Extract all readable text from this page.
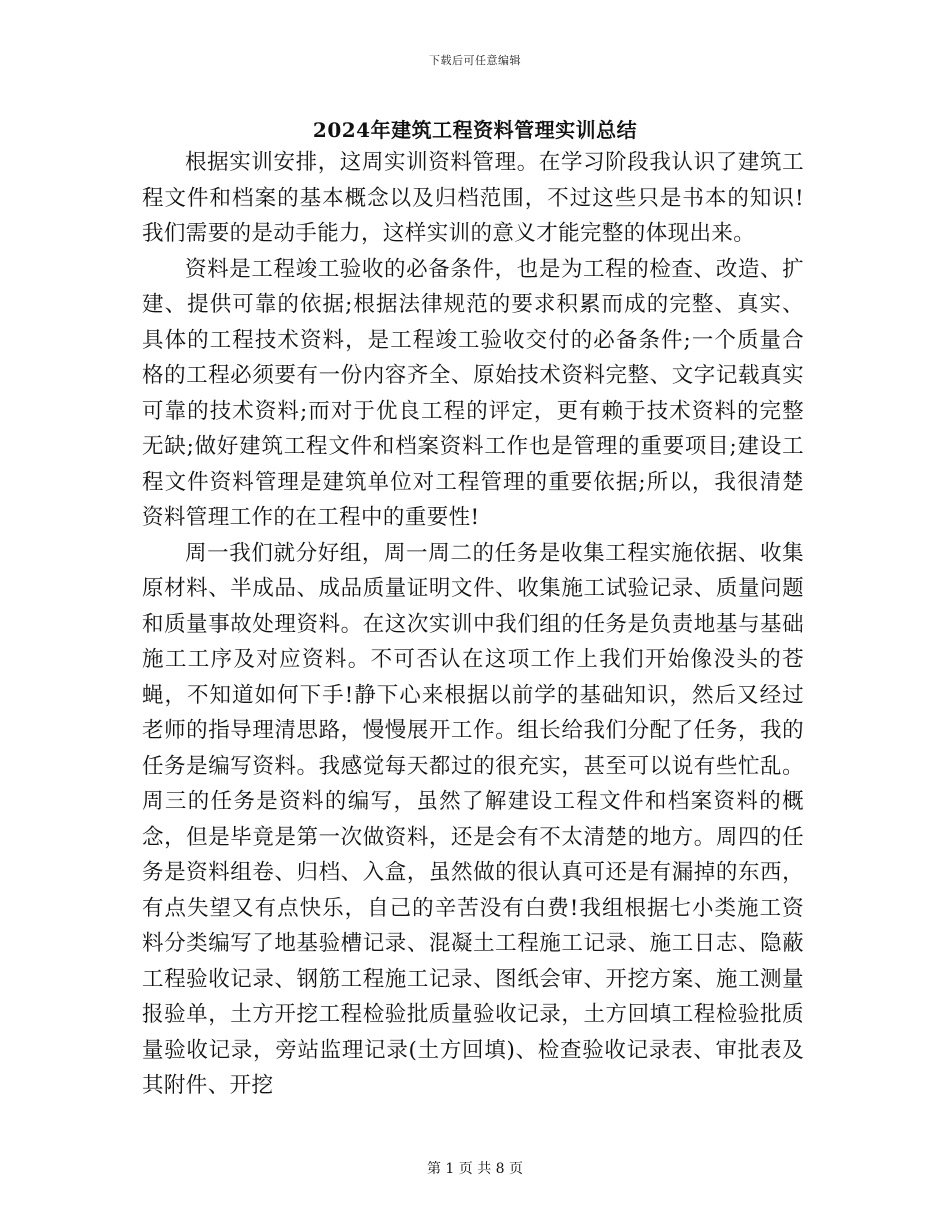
下载后可任意编辑
2024年建筑工程资料管理实训总结

根据实训安排，这周实训资料管理。在学习阶段我认识了建筑工程文件和档案的基本概念以及归档范围，不过这些只是书本的知识!我们需要的是动手能力，这样实训的意义才能完整的体现出来。

资料是工程竣工验收的必备条件，也是为工程的检查、改造、扩建、提供可靠的依据;根据法律规范的要求积累而成的完整、真实、具体的工程技术资料，是工程竣工验收交付的必备条件;一个质量合格的工程必须要有一份内容齐全、原始技术资料完整、文字记载真实可靠的技术资料;而对于优良工程的评定，更有赖于技术资料的完整无缺;做好建筑工程文件和档案资料工作也是管理的重要项目;建设工程文件资料管理是建筑单位对工程管理的重要依据;所以，我很清楚资料管理工作的在工程中的重要性!

周一我们就分好组，周一周二的任务是收集工程实施依据、收集原材料、半成品、成品质量证明文件、收集施工试验记录、质量问题和质量事故处理资料。在这次实训中我们组的任务是负责地基与基础施工工序及对应资料。不可否认在这项工作上我们开始像没头的苍蝇，不知道如何下手!静下心来根据以前学的基础知识，然后又经过老师的指导理清思路，慢慢展开工作。组长给我们分配了任务，我的任务是编写资料。我感觉每天都过的很充实，甚至可以说有些忙乱。周三的任务是资料的编写，虽然了解建设工程文件和档案资料的概念，但是毕竟是第一次做资料，还是会有不太清楚的地方。周四的任务是资料组卷、归档、入盒，虽然做的很认真可还是有漏掉的东西，有点失望又有点快乐，自己的辛苦没有白费!我组根据七小类施工资料分类编写了地基验槽记录、混凝土工程施工记录、施工日志、隐蔽工程验收记录、钢筋工程施工记录、图纸会审、开挖方案、施工测量报验单，土方开挖工程检验批质量验收记录，土方回填工程检验批质量验收记录，旁站监理记录(土方回填)、检查验收记录表、审批表及其附件、开挖

第 1 页 共 8 页
